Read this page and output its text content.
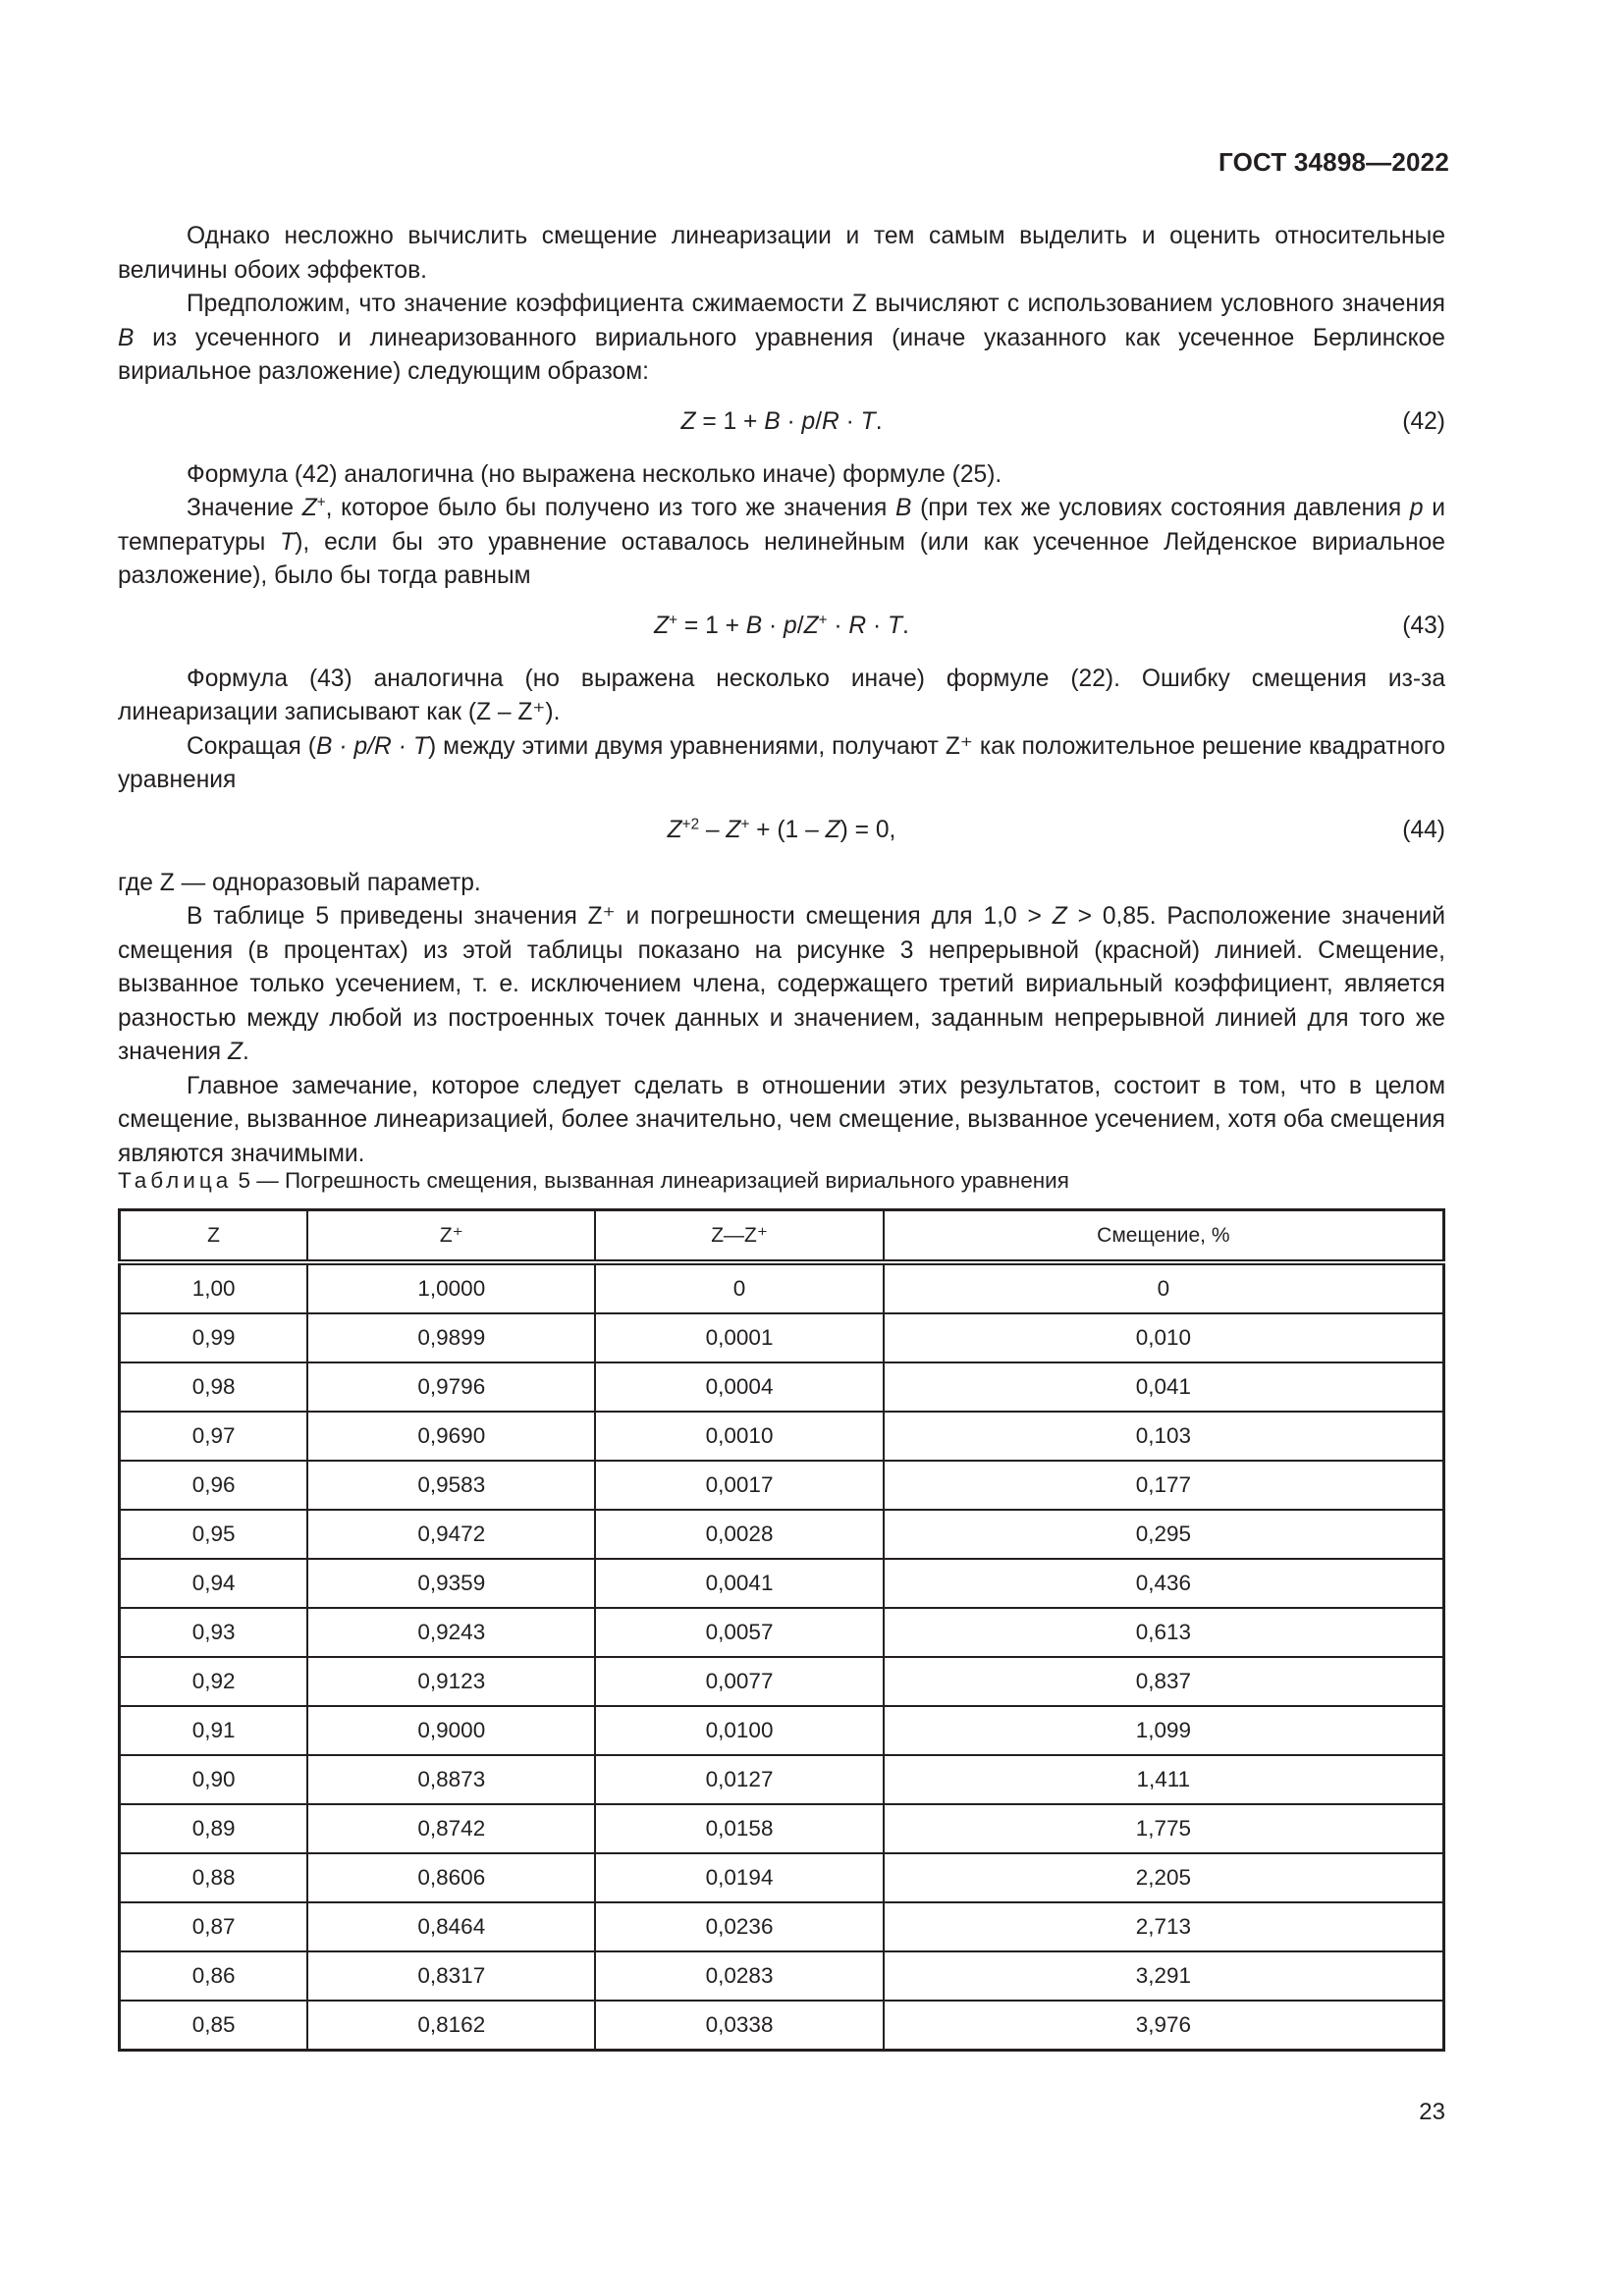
ГОСТ 34898—2022

Однако несложно вычислить смещение линеаризации и тем самым выделить и оценить относительные величины обоих эффектов.

Предположим, что значение коэффициента сжимаемости Z вычисляют с использованием условного значения B из усеченного и линеаризованного вириального уравнения (иначе указанного как усеченное Берлинское вириальное разложение) следующим образом:

Z = 1 + B · p/R · T.	(42)

Формула (42) аналогична (но выражена несколько иначе) формуле (25).

Значение Z+, которое было бы получено из того же значения B (при тех же условиях состояния давления p и температуры T), если бы это уравнение оставалось нелинейным (или как усеченное Лейденское вириальное разложение), было бы тогда равным

Z+ = 1 + B · p/Z+ · R · T.	(43)

Формула (43) аналогична (но выражена несколько иначе) формуле (22). Ошибку смещения из-за линеаризации записывают как (Z – Z⁺).

Сокращая (B · p/R · T) между этими двумя уравнениями, получают Z⁺ как положительное решение квадратного уравнения

$Z^{+2} - Z^+ + (1 - Z) = 0$,	(44)

где Z — одноразовый параметр.

В таблице 5 приведены значения Z⁺ и погрешности смещения для 1,0 > Z > 0,85. Расположение значений смещения (в процентах) из этой таблицы показано на рисунке 3 непрерывной (красной) линией. Смещение, вызванное только усечением, т. е. исключением члена, содержащего третий вириальный коэффициент, является разностью между любой из построенных точек данных и значением, заданным непрерывной линией для того же значения Z.

Главное замечание, которое следует сделать в отношении этих результатов, состоит в том, что в целом смещение, вызванное линеаризацией, более значительно, чем смещение, вызванное усечением, хотя оба смещения являются значимыми.

Таблица 5 — Погрешность смещения, вызванная линеаризацией вириального уравнения
Z	Z⁺	Z—Z⁺	Смещение, %
1,00	1,0000	0	0
0,99	0,9899	0,0001	0,010
0,98	0,9796	0,0004	0,041
0,97	0,9690	0,0010	0,103
0,96	0,9583	0,0017	0,177
0,95	0,9472	0,0028	0,295
0,94	0,9359	0,0041	0,436
0,93	0,9243	0,0057	0,613
0,92	0,9123	0,0077	0,837
0,91	0,9000	0,0100	1,099
0,90	0,8873	0,0127	1,411
0,89	0,8742	0,0158	1,775
0,88	0,8606	0,0194	2,205
0,87	0,8464	0,0236	2,713
0,86	0,8317	0,0283	3,291
0,85	0,8162	0,0338	3,976
23
